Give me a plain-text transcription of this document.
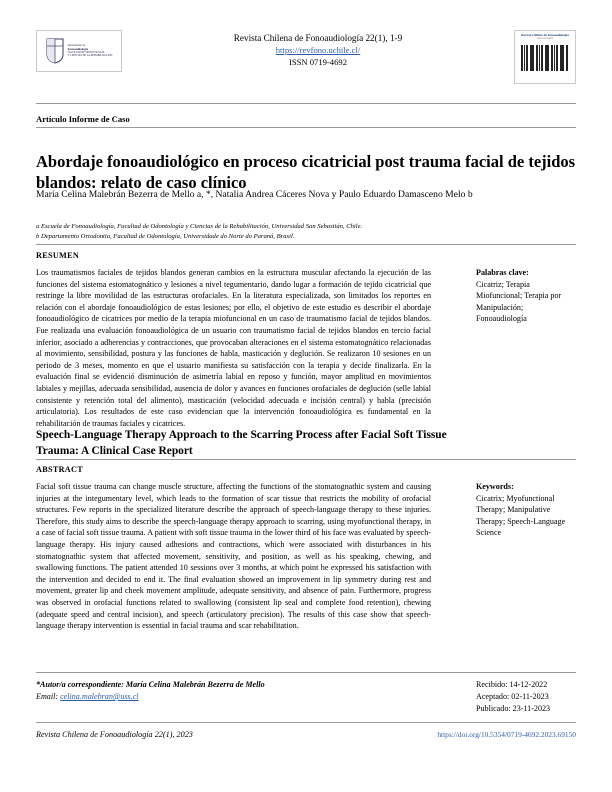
Departamento de
Fonoaudiología
FACULTAD DE ODONTOLOGÍA
Y CIENCIAS DE LA REHABILITACIÓN
Revista Chilena de Fonoaudiología 22(1), 1-9
https://revfono.uchile.cl/
ISSN 0719-4692
Revista Chilena de Fonoaudiología
ISSN 0719-4692
Artículo Informe de Caso
Abordaje fonoaudiológico en proceso cicatricial post trauma facial de tejidos blandos: relato de caso clínico
María Celina Malebrán Bezerra de Mello a, *, Natalia Andrea Cáceres Nova y Paulo Eduardo Damasceno Melo b
a Escuela de Fonoaudiología, Facultad de Odontología y Ciencias de la Rehabilitación, Universidad San Sebastián, Chile.
b Departamento Ortodontia, Facultad de Odontología, Universidade do Norte do Paraná, Brasil.
RESUMEN
Los traumatismos faciales de tejidos blandos generan cambios en la estructura muscular afectando la ejecución de las funciones del sistema estomatognático y lesiones a nivel tegumentario, dando lugar a formación de tejido cicatricial que restringe la libre movilidad de las estructuras orofaciales. En la literatura especializada, son limitados los reportes en relación con el abordaje fonoaudiológico de estas lesiones; por ello, el objetivo de este estudio es describir el abordaje fonoaudiológico de cicatrices por medio de la terapia miofuncional en un caso de traumatismo facial de tejidos blandos. Fue realizada una evaluación fonoaudiológica de un usuario con traumatismo facial de tejidos blandos en tercio facial inferior, asociado a adherencias y contracciones, que provocaban alteraciones en el sistema estomatognático relacionadas al movimiento, sensibilidad, postura y las funciones de habla, masticación y deglución. Se realizaron 10 sesiones en un periodo de 3 meses, momento en que el usuario manifiesta su satisfacción con la terapia y decide finalizarla. En la evaluación final se evidenció disminución de asimetría labial en reposo y función, mayor amplitud en movimientos labiales y mejillas, adecuada sensibilidad, ausencia de dolor y avances en funciones orofaciales de deglución (selle labial consistente y retención total del alimento), masticación (velocidad adecuada e incisión central) y habla (precisión articulatoria). Los resultados de este caso evidencian que la intervención fonoaudiológica es fundamental en la rehabilitación de traumas faciales y cicatrices.
Palabras clave:
Cicatriz; Terapia Miofuncional; Terapia por Manipulación; Fonoaudiología
Speech-Language Therapy Approach to the Scarring Process after Facial Soft Tissue Trauma: A Clinical Case Report
ABSTRACT
Facial soft tissue trauma can change muscle structure, affecting the functions of the stomatognathic system and causing injuries at the integumentary level, which leads to the formation of scar tissue that restricts the mobility of orofacial structures. Few reports in the specialized literature describe the approach of speech-language therapy to these injuries. Therefore, this study aims to describe the speech-language therapy approach to scarring, using myofunctional therapy, in a case of facial soft tissue trauma. A patient with soft tissue trauma in the lower third of his face was evaluated by speech-language therapy. His injury caused adhesions and contractions, which were associated with disturbances in his stomatognathic system that affected movement, sensitivity, and position, as well as his speaking, chewing, and swallowing functions. The patient attended 10 sessions over 3 months, at which point he expressed his satisfaction with the intervention and decided to end it. The final evaluation showed an improvement in lip symmetry during rest and movement, greater lip and cheek movement amplitude, adequate sensitivity, and absence of pain. Furthermore, progress was observed in orofacial functions related to swallowing (consistent lip seal and complete food retention), chewing (adequate speed and central incision), and speech (articulatory precision). The results of this case show that speech-language therapy intervention is essential in facial trauma and scar rehabilitation.
Keywords:
Cicatrix; Myofunctional Therapy; Manipulative Therapy; Speech-Language Science
*Autor/a correspondiente: María Celina Malebrán Bezerra de Mello
Email: celina.malebran@uss.cl
Recibido: 14-12-2022
Aceptado: 02-11-2023
Publicado: 23-11-2023
Revista Chilena de Fonoaudiología 22(1), 2023	https://doi.org/10.5354/0719-4692.2023.69150
